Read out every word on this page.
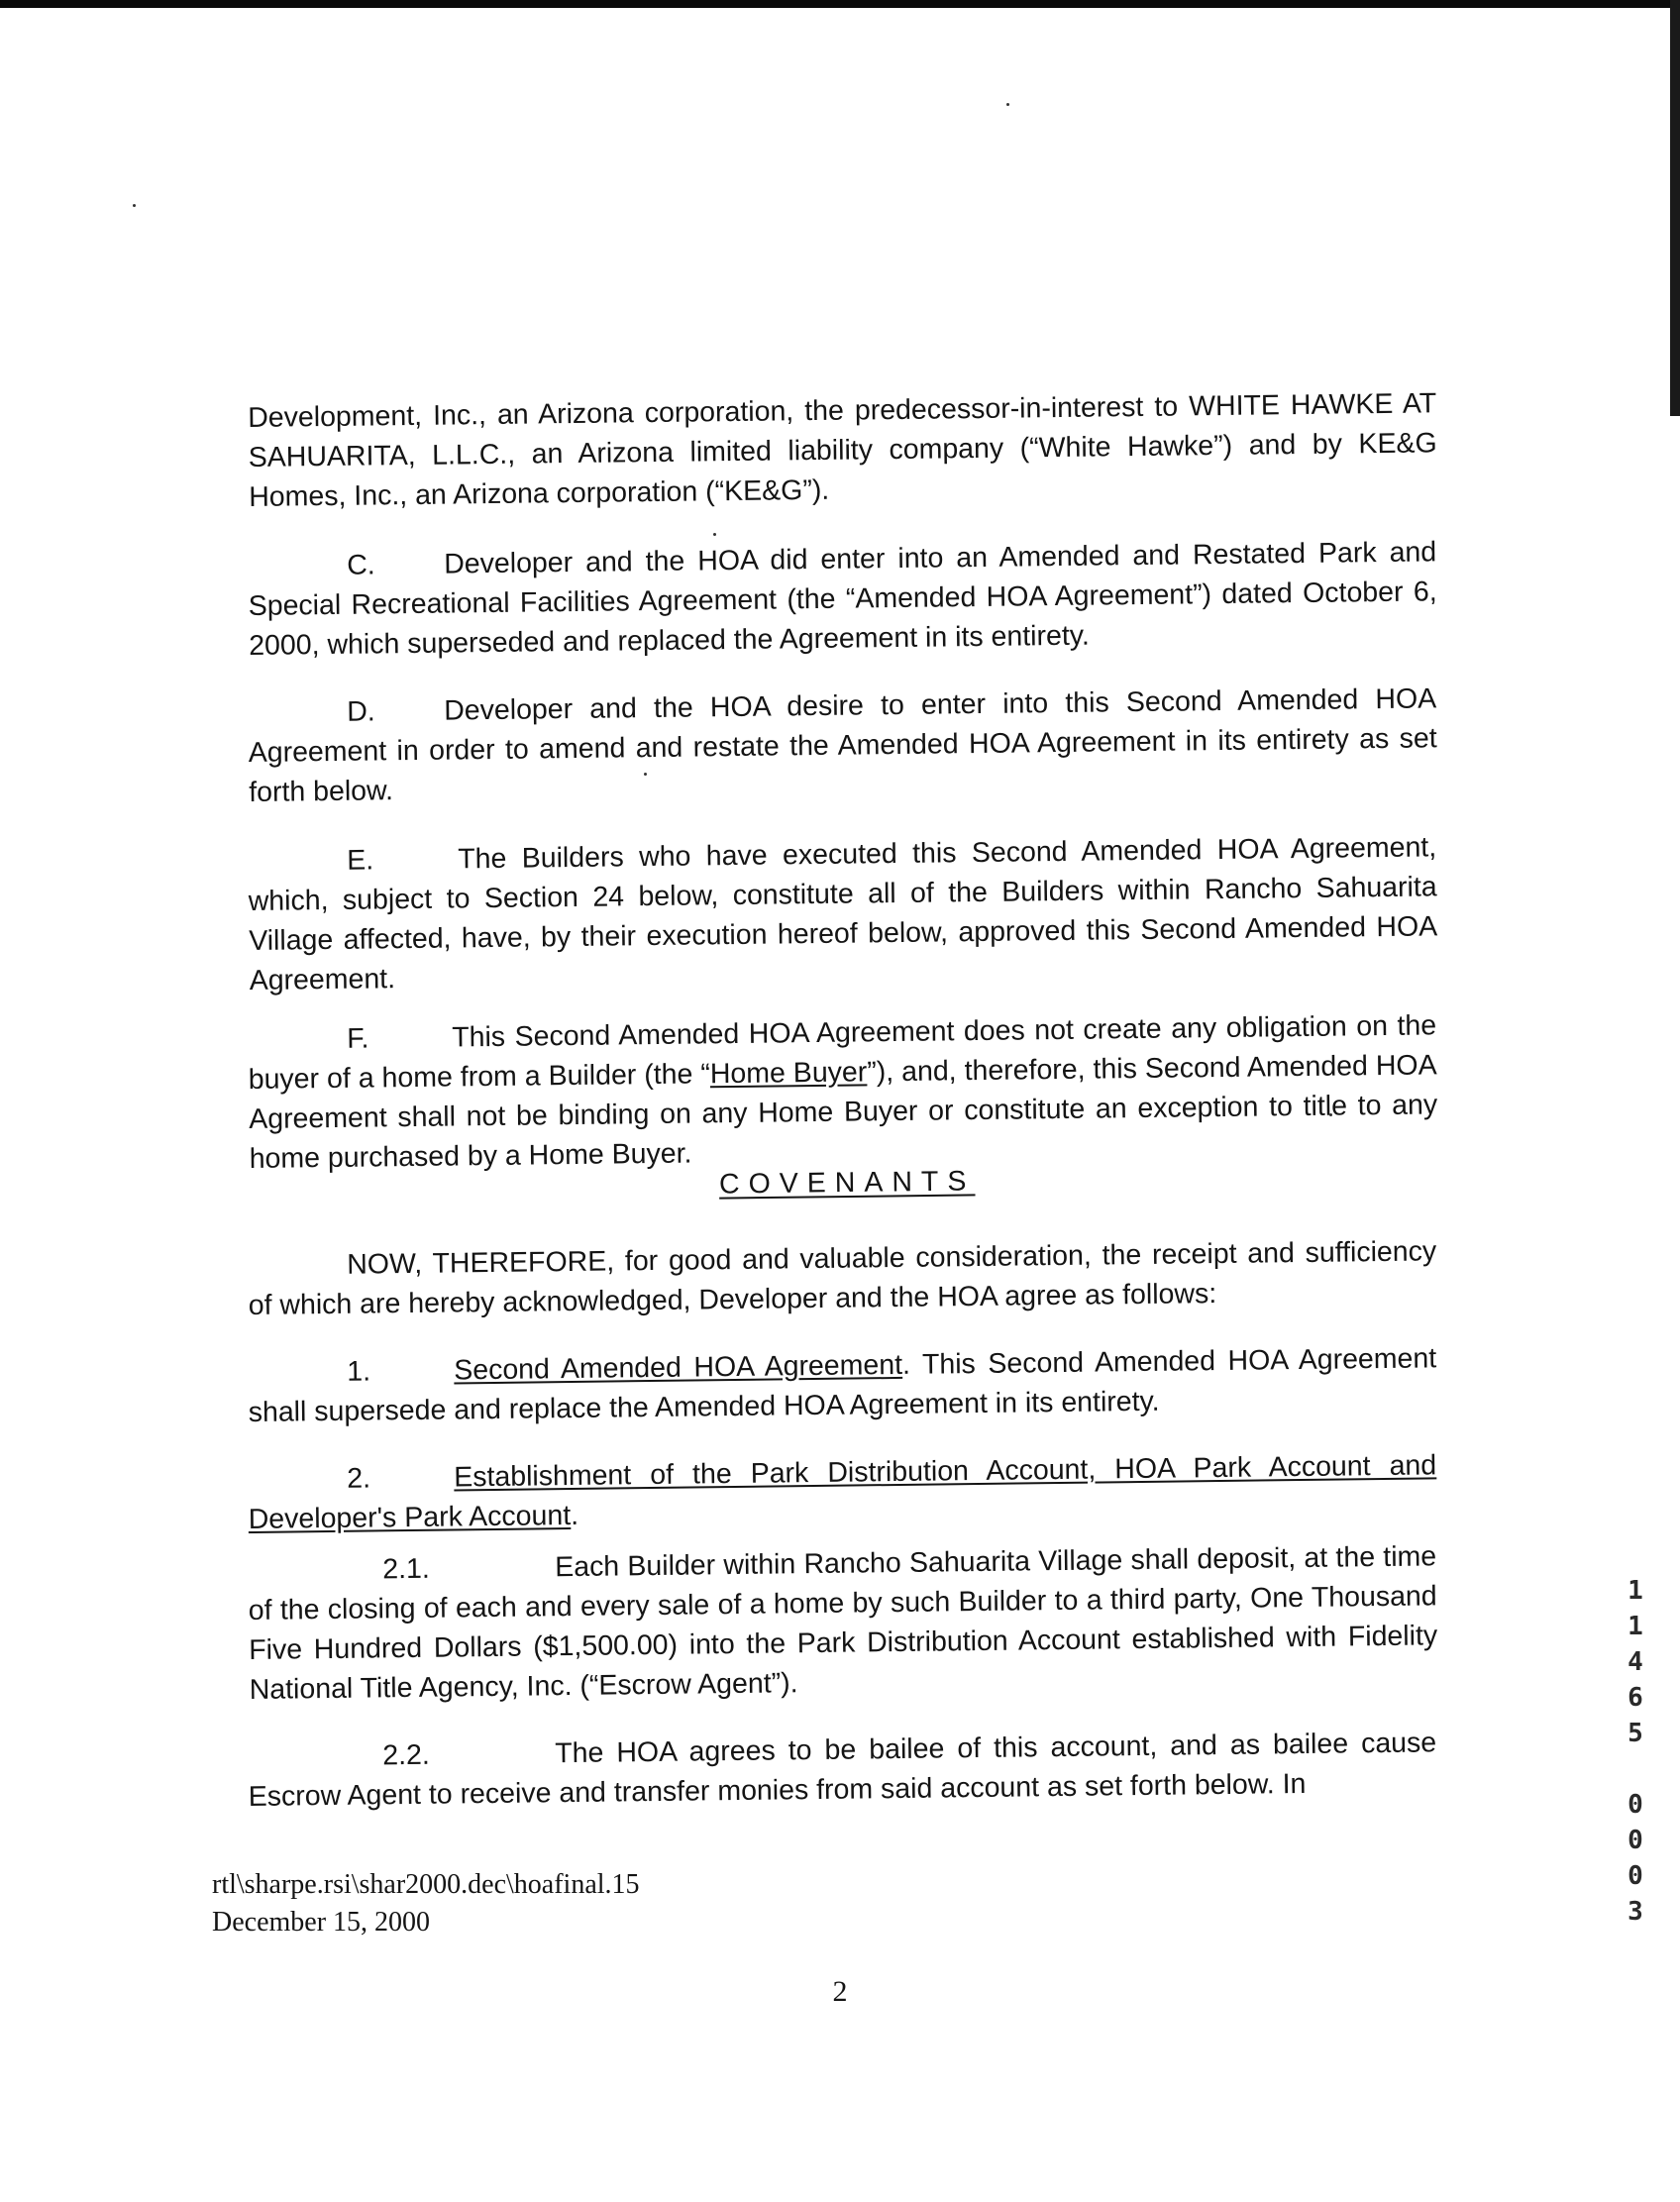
Development, Inc., an Arizona corporation, the predecessor-in-interest to WHITE HAWKE AT SAHUARITA, L.L.C., an Arizona limited liability company (“White Hawke”) and by KE&G Homes, Inc., an Arizona corporation (“KE&G”).

C. Developer and the HOA did enter into an Amended and Restated Park and Special Recreational Facilities Agreement (the “Amended HOA Agreement”) dated October 6, 2000, which superseded and replaced the Agreement in its entirety.

D. Developer and the HOA desire to enter into this Second Amended HOA Agreement in order to amend and restate the Amended HOA Agreement in its entirety as set forth below.

E.	The Builders who have executed this Second Amended HOA Agreement, which, subject to Section 24 below, constitute all of the Builders within Rancho Sahuarita Village affected, have, by their execution hereof below, approved this Second Amended HOA Agreement.

F.	This Second Amended HOA Agreement does not create any obligation on the buyer of a home from a Builder (the “Home Buyer”), and, therefore, this Second Amended HOA Agreement shall not be binding on any Home Buyer or constitute an exception to title to any home purchased by a Home Buyer.

COVENANTS

NOW, THEREFORE, for good and valuable consideration, the receipt and sufficiency of which are hereby acknowledged, Developer and the HOA agree as follows:

1.	Second Amended HOA Agreement. This Second Amended HOA Agreement shall supersede and replace the Amended HOA Agreement in its entirety.

2.	Establishment of the Park Distribution Account, HOA Park Account and Developer's Park Account.

2.1.	Each Builder within Rancho Sahuarita Village shall deposit, at the time of the closing of each and every sale of a home by such Builder to a third party, One Thousand Five Hundred Dollars ($1,500.00) into the Park Distribution Account established with Fidelity National Title Agency, Inc. (“Escrow Agent”).

2.2.	The HOA agrees to be bailee of this account, and as bailee cause Escrow Agent to receive and transfer monies from said account as set forth below. In

rtl\sharpe.rsi\shar2000.dec\hoafinal.15
December 15, 2000
2
1
1
4
6
5
0
0
0
3
